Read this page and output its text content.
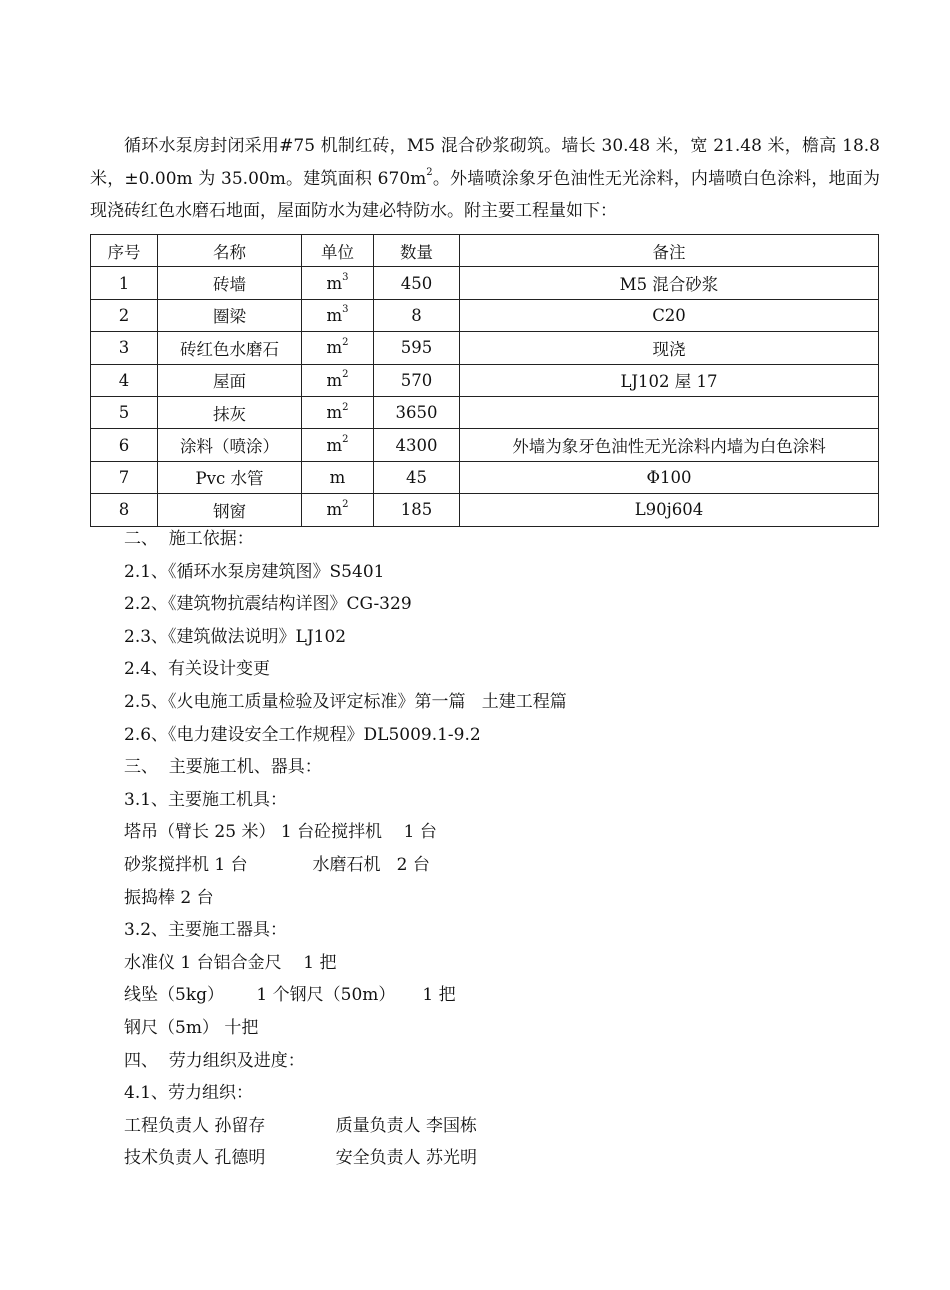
循环水泵房封闭采用#75 机制红砖，M5 混合砂浆砌筑。墙长 30.48 米，宽 21.48 米，檐高 18.8 米，±0.00m 为 35.00m。建筑面积 $670m^2$。外墙喷涂象牙色油性无光涂料，内墙喷白色涂料，地面为现浇砖红色水磨石地面，屋面防水为建必特防水。附主要工程量如下：

序号	名称	单位	数量	备注
1	砖墙	$m^3$	450	M5 混合砂浆
2	圈梁	$m^3$	8	C20
3	砖红色水磨石	$m^2$	595	现浇
4	屋面	$m^2$	570	LJ102 屋 17
5	抹灰	$m^2$	3650	
6	涂料（喷涂）	$m^2$	4300	外墙为象牙色油性无光涂料内墙为白色涂料
7	Pvc 水管	m	45	Φ100
8	钢窗	$m^2$	185	L90j604
二、  施工依据：
2.1、《循环水泵房建筑图》S5401
2.2、《建筑物抗震结构详图》CG-329
2.3、《建筑做法说明》LJ102
2.4、有关设计变更
2.5、《火电施工质量检验及评定标准》第一篇   土建工程篇
2.6、《电力建设安全工作规程》DL5009.1-9.2
三、  主要施工机、器具：
3.1、主要施工机具：
塔吊（臂长 25 米） 1 台砼搅拌机    1 台
砂浆搅拌机 1 台            水磨石机   2 台
振捣棒 2 台
3.2、主要施工器具：
水准仪 1 台铝合金尺    1 把
线坠（5kg）      1 个钢尺（50m）     1 把
钢尺（5m） 十把
四、  劳力组织及进度：
4.1、劳力组织：
工程负责人 孙留存             质量负责人 李国栋
技术负责人 孔德明             安全负责人 苏光明
